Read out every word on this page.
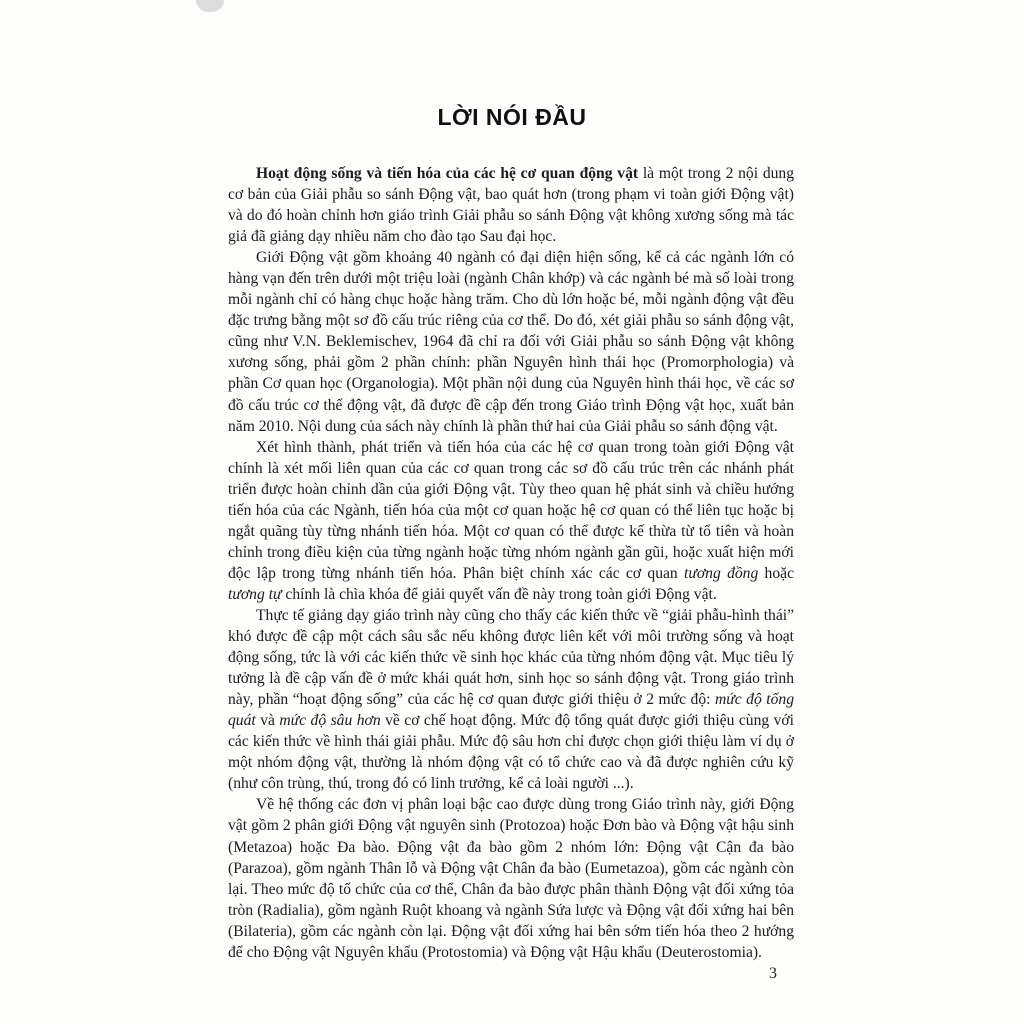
LỜI NÓI ĐẦU

Hoạt động sống và tiến hóa của các hệ cơ quan động vật là một trong 2 nội dung cơ bản của Giải phẫu so sánh Động vật, bao quát hơn (trong phạm vi toàn giới Động vật) và do đó hoàn chỉnh hơn giáo trình Giải phẫu so sánh Động vật không xương sống mà tác giả đã giảng dạy nhiều năm cho đào tạo Sau đại học.

Giới Động vật gồm khoảng 40 ngành có đại diện hiện sống, kể cả các ngành lớn có hàng vạn đến trên dưới một triệu loài (ngành Chân khớp) và các ngành bé mà số loài trong mỗi ngành chỉ có hàng chục hoặc hàng trăm. Cho dù lớn hoặc bé, mỗi ngành động vật đều đặc trưng bằng một sơ đồ cấu trúc riêng của cơ thể. Do đó, xét giải phẫu so sánh động vật, cũng như V.N. Beklemischev, 1964 đã chỉ ra đối với Giải phẫu so sánh Động vật không xương sống, phải gồm 2 phần chính: phần Nguyên hình thái học (Promorphologia) và phần Cơ quan học (Organologia). Một phần nội dung của Nguyên hình thái học, về các sơ đồ cấu trúc cơ thể động vật, đã được đề cập đến trong Giáo trình Động vật học, xuất bản năm 2010. Nội dung của sách này chính là phần thứ hai của Giải phẫu so sánh động vật.

Xét hình thành, phát triển và tiến hóa của các hệ cơ quan trong toàn giới Động vật chính là xét mối liên quan của các cơ quan trong các sơ đồ cấu trúc trên các nhánh phát triển được hoàn chỉnh dần của giới Động vật. Tùy theo quan hệ phát sinh và chiều hướng tiến hóa của các Ngành, tiến hóa của một cơ quan hoặc hệ cơ quan có thể liên tục hoặc bị ngắt quãng tùy từng nhánh tiến hóa. Một cơ quan có thể được kế thừa từ tổ tiên và hoàn chỉnh trong điều kiện của từng ngành hoặc từng nhóm ngành gần gũi, hoặc xuất hiện mới độc lập trong từng nhánh tiến hóa. Phân biệt chính xác các cơ quan tương đồng hoặc tương tự chính là chìa khóa để giải quyết vấn đề này trong toàn giới Động vật.

Thực tế giảng dạy giáo trình này cũng cho thấy các kiến thức về “giải phẫu-hình thái” khó được đề cập một cách sâu sắc nếu không được liên kết với môi trường sống và hoạt động sống, tức là với các kiến thức về sinh học khác của từng nhóm động vật. Mục tiêu lý tưởng là đề cập vấn đề ở mức khái quát hơn, sinh học so sánh động vật. Trong giáo trình này, phần “hoạt động sống” của các hệ cơ quan được giới thiệu ở 2 mức độ: mức độ tổng quát và mức độ sâu hơn về cơ chế hoạt động. Mức độ tổng quát được giới thiệu cùng với các kiến thức về hình thái giải phẫu. Mức độ sâu hơn chỉ được chọn giới thiệu làm ví dụ ở một nhóm động vật, thường là nhóm động vật có tổ chức cao và đã được nghiên cứu kỹ (như côn trùng, thú, trong đó có linh trưởng, kể cả loài người ...).

Về hệ thống các đơn vị phân loại bậc cao được dùng trong Giáo trình này, giới Động vật gồm 2 phân giới Động vật nguyên sinh (Protozoa) hoặc Đơn bào và Động vật hậu sinh (Metazoa) hoặc Đa bào. Động vật đa bào gồm 2 nhóm lớn: Động vật Cận đa bào (Parazoa), gồm ngành Thân lỗ và Động vật Chân đa bào (Eumetazoa), gồm các ngành còn lại. Theo mức độ tổ chức của cơ thể, Chân đa bào được phân thành Động vật đối xứng tỏa tròn (Radialia), gồm ngành Ruột khoang và ngành Sứa lược và Động vật đối xứng hai bên (Bilateria), gồm các ngành còn lại. Động vật đối xứng hai bên sớm tiến hóa theo 2 hướng để cho Động vật Nguyên khẩu (Protostomia) và Động vật Hậu khẩu (Deuterostomia).

3
